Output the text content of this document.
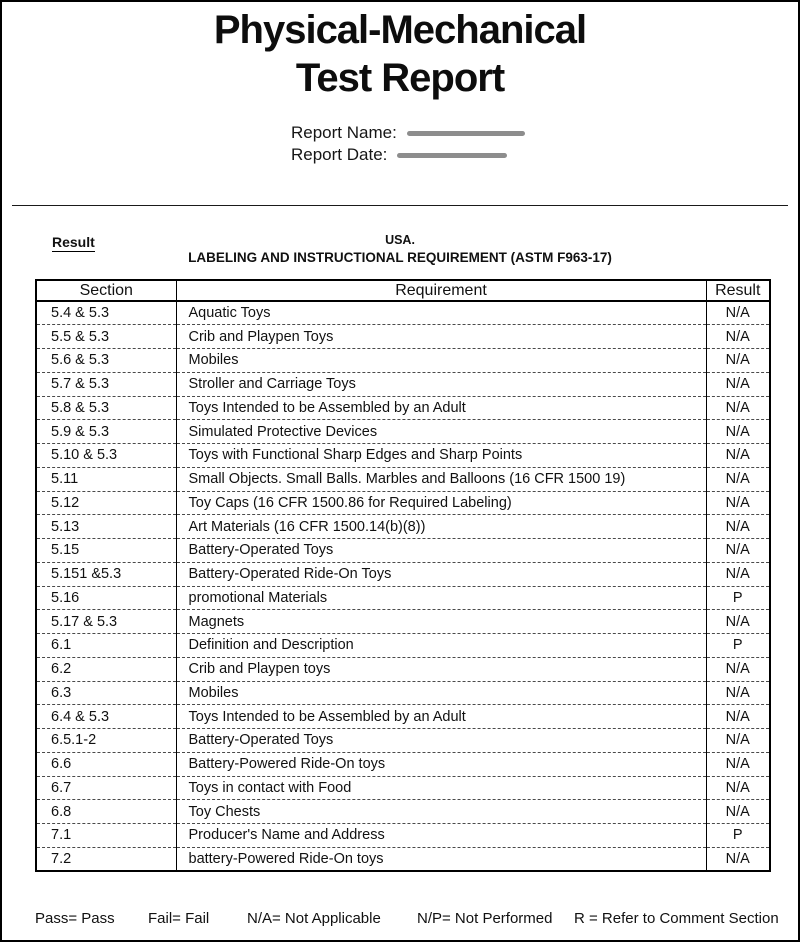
Physical-Mechanical
Test Report
Report Name:
Report Date:
Result	USA.
LABELING AND INSTRUCTIONAL REQUIREMENT (ASTM F963-17)
Section	Requirement	Result
5.4 & 5.3	Aquatic Toys	N/A
5.5 & 5.3	Crib and Playpen Toys	N/A
5.6 & 5.3	Mobiles	N/A
5.7 & 5.3	Stroller and Carriage Toys	N/A
5.8 & 5.3	Toys Intended to be Assembled by an Adult	N/A
5.9 & 5.3	Simulated Protective Devices	N/A
5.10 & 5.3	Toys with Functional Sharp Edges and Sharp Points	N/A
5.11	Small Objects. Small Balls. Marbles and Balloons (16 CFR 1500 19)	N/A
5.12	Toy Caps (16 CFR 1500.86 for Required Labeling)	N/A
5.13	Art Materials (16 CFR 1500.14(b)(8))	N/A
5.15	Battery-Operated Toys	N/A
5.151 &5.3	Battery-Operated Ride-On Toys	N/A
5.16	promotional Materials	P
5.17 & 5.3	Magnets	N/A
6.1	Definition and Description	P
6.2	Crib and Playpen toys	N/A
6.3	Mobiles	N/A
6.4 & 5.3	Toys Intended to be Assembled by an Adult	N/A
6.5.1-2	Battery-Operated Toys	N/A
6.6	Battery-Powered Ride-On toys	N/A
6.7	Toys in contact with Food	N/A
6.8	Toy Chests	N/A
7.1	Producer's Name and Address	P
7.2	battery-Powered Ride-On toys	N/A
Pass= Pass Fail= Fail	N/A= Not Applicable N/P= Not Performed R = Refer to Comment Section
